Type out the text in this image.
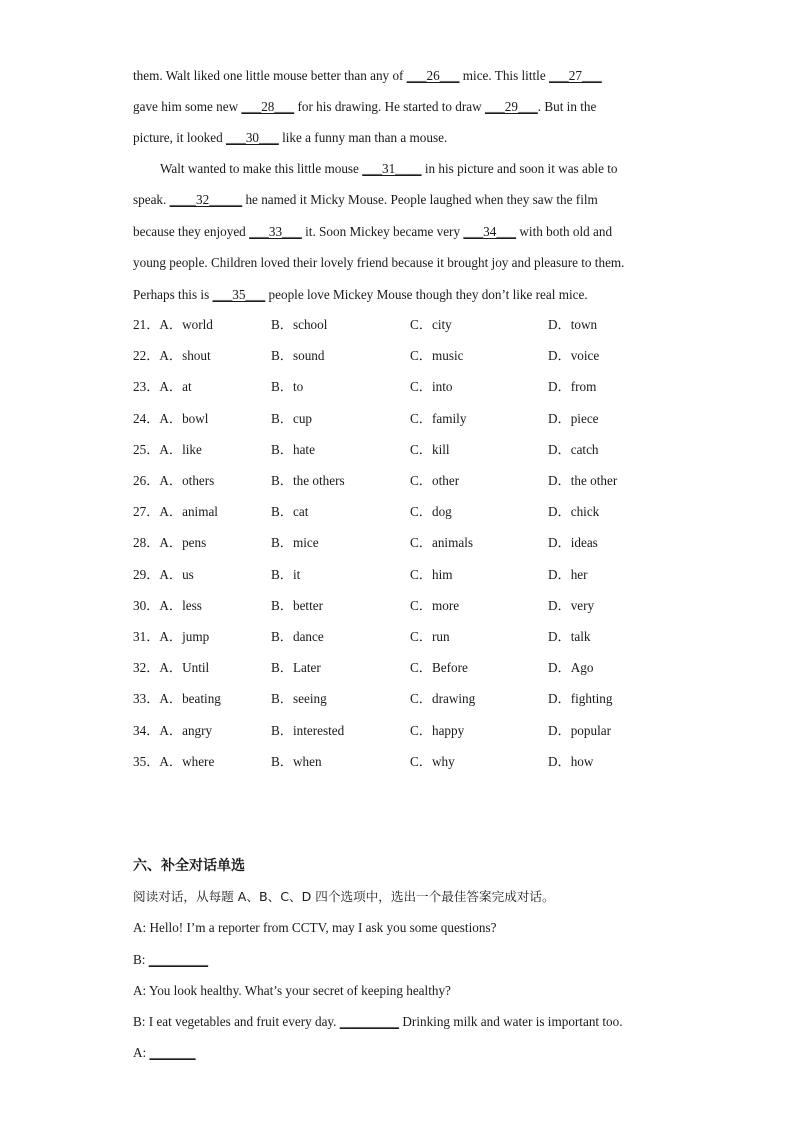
them. Walt liked one little mouse better than any of ___26___ mice. This little ___27___
gave him some new ___28___ for his drawing. He started to draw ___29___. But in the
picture, it looked ___30___ like a funny man than a mouse.
Walt wanted to make this little mouse ___31____ in his picture and soon it was able to
speak. ____32_____ he named it Micky Mouse. People laughed when they saw the film
because they enjoyed ___33___ it. Soon Mickey became very ___34___ with both old and
young people. Children loved their lovely friend because it brought joy and pleasure to them.
Perhaps this is ___35___ people love Mickey Mouse though they don’t like real mice.
21．A．world	B．school	C．city	D．town
22．A．shout	B．sound	C．music	D．voice
23．A．at	B．to	C．into	D．from
24．A．bowl	B．cup	C．family	D．piece
25．A．like	B．hate	C．kill	D．catch
26．A．others	B．the others	C．other	D．the other
27．A．animal	B．cat	C．dog	D．chick
28．A．pens	B．mice	C．animals	D．ideas
29．A．us	B．it	C．him	D．her
30．A．less	B．better	C．more	D．very
31．A．jump	B．dance	C．run	D．talk
32．A．Until	B．Later	C．Before	D．Ago
33．A．beating	B．seeing	C．drawing	D．fighting
34．A．angry	B．interested	C．happy	D．popular
35．A．where	B．when	C．why	D．how
六、补全对话单选
阅读对话，从每题 A、B、C、D 四个选项中，选出一个最佳答案完成对话。
A: Hello! I’m a reporter from CCTV, may I ask you some questions?
B: _________
A: You look healthy. What’s your secret of keeping healthy?
B: I eat vegetables and fruit every day. _________ Drinking milk and water is important too.
A: _______
